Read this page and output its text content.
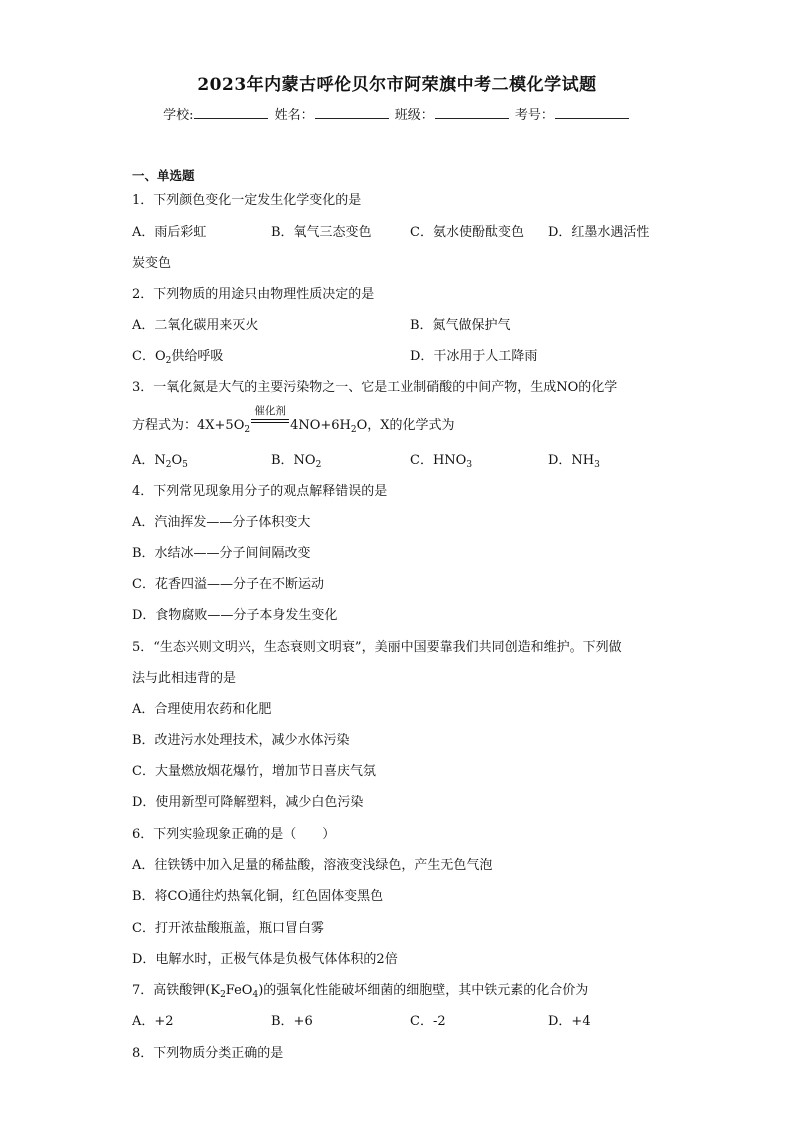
2023年内蒙古呼伦贝尔市阿荣旗中考二模化学试题
学校:	姓名：	班级：	考号：
一、单选题
1．下列颜色变化一定发生化学变化的是
A．雨后彩虹	B．氧气三态变色	C．氨水使酚酞变色 D．红墨水遇活性
炭变色
2．下列物质的用途只由物理性质决定的是
A．二氧化碳用来灭火	B．氮气做保护气
C．$O_2$供给呼吸	D．干冰用于人工降雨
3．一氧化氮是大气的主要污染物之一、它是工业制硝酸的中间产物，生成NO的化学
方程式为：$4X+5O_2$
催化剂
$4NO+6H_2O$，X的化学式为
A．$N_2O_5$	B．$NO_2$	C．$HNO_3$	D．$NH_3$
4．下列常见现象用分子的观点解释错误的是
A．汽油挥发——分子体积变大
B．水结冰——分子间间隔改变
C．花香四溢——分子在不断运动
D．食物腐败——分子本身发生变化
5．“生态兴则文明兴，生态衰则文明衰”，美丽中国要靠我们共同创造和维护。下列做
法与此相违背的是
A．合理使用农药和化肥
B．改进污水处理技术，减少水体污染
C．大量燃放烟花爆竹，增加节日喜庆气氛
D．使用新型可降解塑料，减少白色污染
6．下列实验现象正确的是（　　）
A．往铁锈中加入足量的稀盐酸，溶液变浅绿色，产生无色气泡
B．将CO通往灼热氧化铜，红色固体变黑色
C．打开浓盐酸瓶盖，瓶口冒白雾
D．电解水时，正极气体是负极气体体积的2倍
7．高铁酸钾$(K_2FeO_4)$的强氧化性能破坏细菌的细胞壁，其中铁元素的化合价为
A．+2	B．+6	C．-2	D．+4
8．下列物质分类正确的是
